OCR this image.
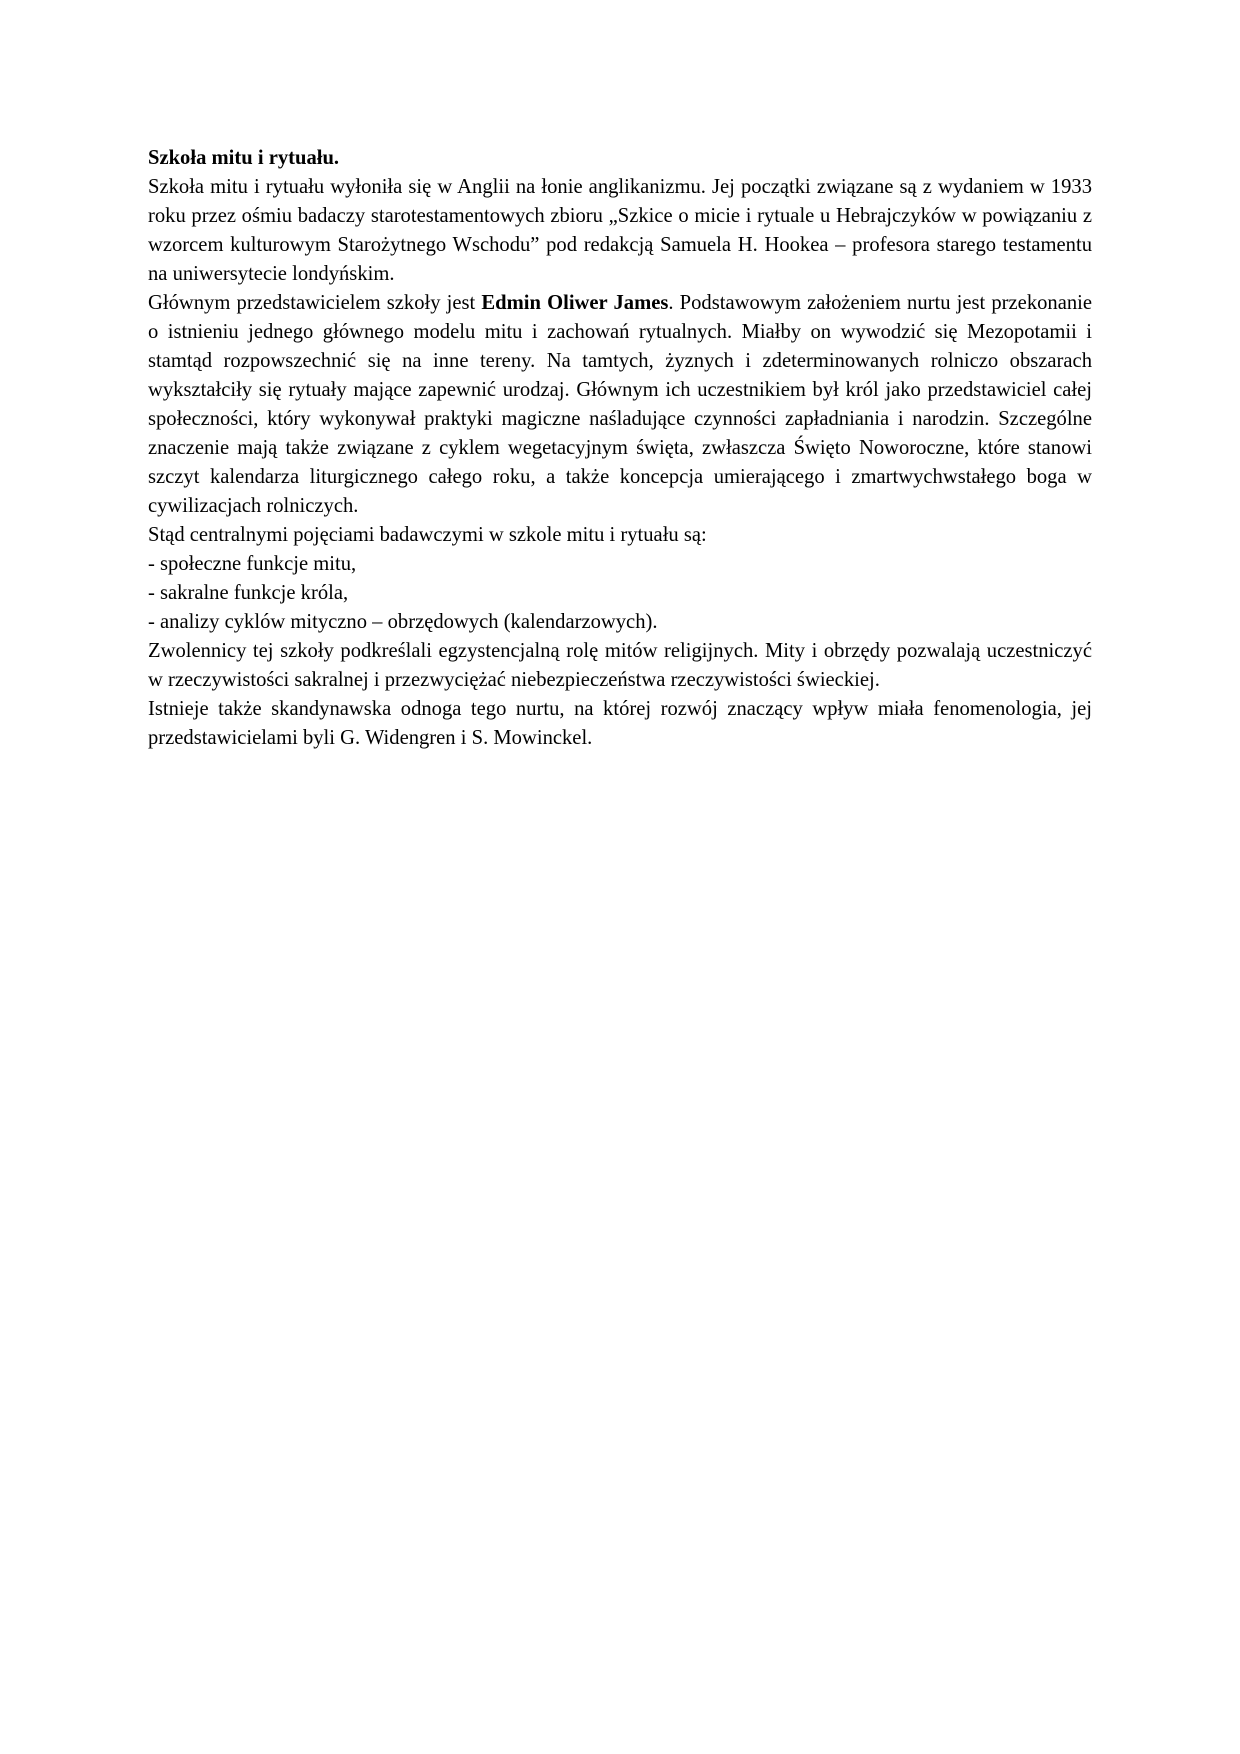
Szkoła mitu i rytuału.

Szkoła mitu i rytuału wyłoniła się w Anglii na łonie anglikanizmu. Jej początki związane są z wydaniem w 1933 roku przez ośmiu badaczy starotestamentowych zbioru „Szkice o micie i rytuale u Hebrajczyków w powiązaniu z wzorcem kulturowym Starożytnego Wschodu” pod redakcją Samuela H. Hookea – profesora starego testamentu na uniwersytecie londyńskim.

Głównym przedstawicielem szkoły jest Edmin Oliwer James. Podstawowym założeniem nurtu jest przekonanie o istnieniu jednego głównego modelu mitu i zachowań rytualnych. Miałby on wywodzić się Mezopotamii i stamtąd rozpowszechnić się na inne tereny. Na tamtych, żyznych i zdeterminowanych rolniczo obszarach wykształciły się rytuały mające zapewnić urodzaj. Głównym ich uczestnikiem był król jako przedstawiciel całej społeczności, który wykonywał praktyki magiczne naśladujące czynności zapładniania i narodzin. Szczególne znaczenie mają także związane z cyklem wegetacyjnym święta, zwłaszcza Święto Noworoczne, które stanowi szczyt kalendarza liturgicznego całego roku, a także koncepcja umierającego i zmartwychwstałego boga w cywilizacjach rolniczych.

Stąd centralnymi pojęciami badawczymi w szkole mitu i rytuału są:

- społeczne funkcje mitu,
- sakralne funkcje króla,
- analizy cyklów mityczno – obrzędowych (kalendarzowych).

Zwolennicy tej szkoły podkreślali egzystencjalną rolę mitów religijnych. Mity i obrzędy pozwalają uczestniczyć w rzeczywistości sakralnej i przezwyciężać niebezpieczeństwa rzeczywistości świeckiej.

Istnieje także skandynawska odnoga tego nurtu, na której rozwój znaczący wpływ miała fenomenologia, jej przedstawicielami byli G. Widengren i S. Mowinckel.
